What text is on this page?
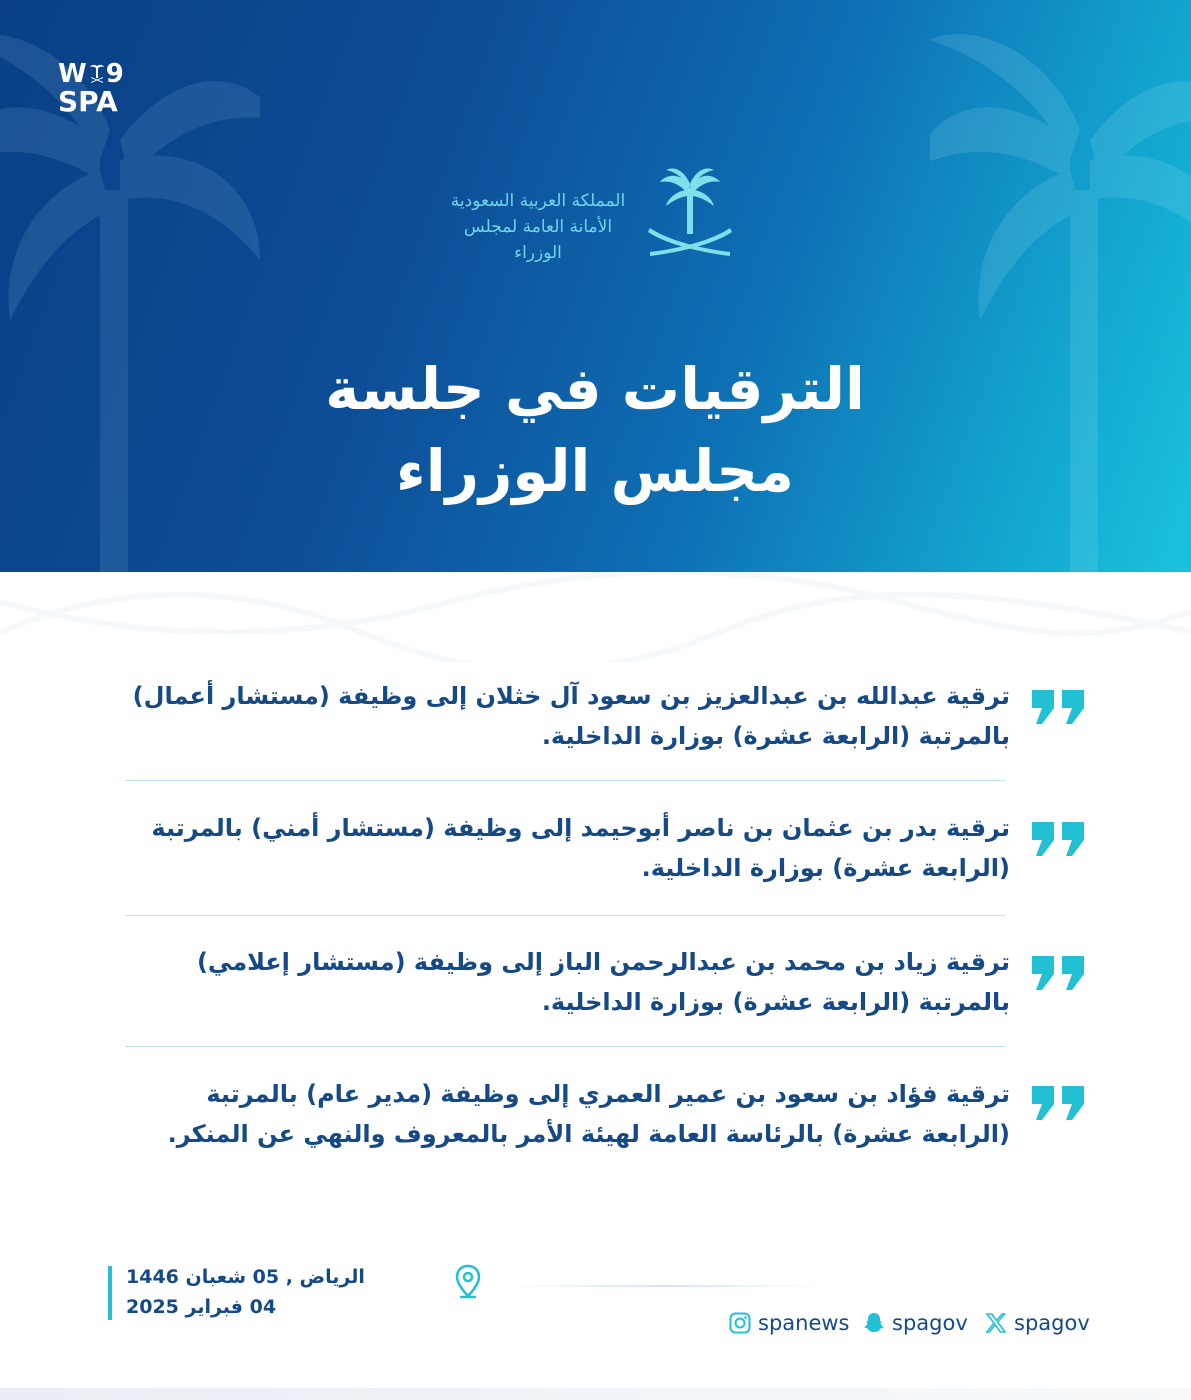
W 9
SPA
المملكة العربية السعودية
الأمانة العامة لمجلس الوزراء
الترقيات في جلسة
مجلس الوزراء
ترقية عبدالله بن عبدالعزيز بن سعود آل خثلان إلى وظيفة (مستشار أعمال) بالمرتبة (الرابعة عشرة) بوزارة الداخلية.
ترقية بدر بن عثمان بن ناصر أبوحيمد إلى وظيفة (مستشار أمني) بالمرتبة (الرابعة عشرة) بوزارة الداخلية.
ترقية زياد بن محمد بن عبدالرحمن الباز إلى وظيفة (مستشار إعلامي) بالمرتبة (الرابعة عشرة) بوزارة الداخلية.
ترقية فؤاد بن سعود بن عمير العمري إلى وظيفة (مدير عام) بالمرتبة (الرابعة عشرة) بالرئاسة العامة لهيئة الأمر بالمعروف والنهي عن المنكر.
الرياض , 05 شعبان 1446
04 فبراير 2025
spanews spagov spagov
